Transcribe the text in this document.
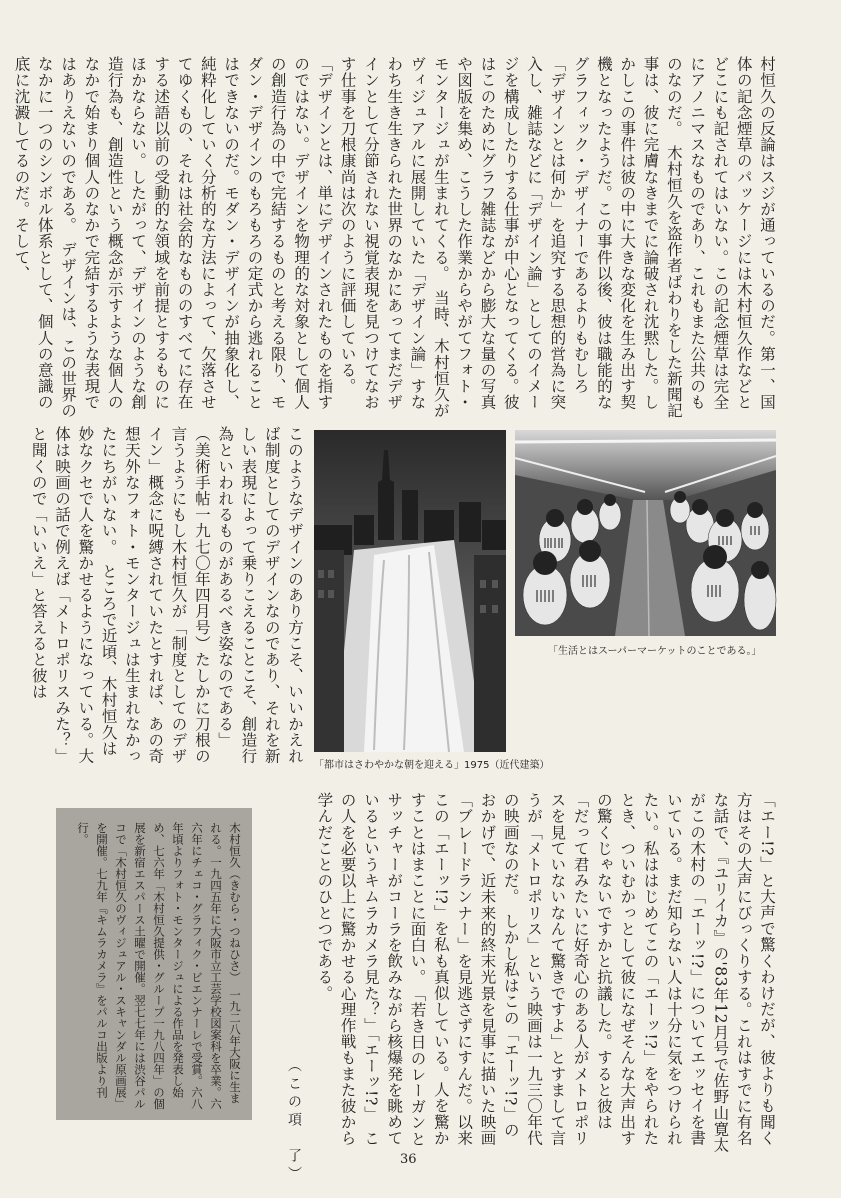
村恒久の反論はスジが通っているのだ。第一、国体の記念煙草のパッケージには木村恒久作などとどこにも記されてはいない。この記念煙草は完全にアノニマスなものであり、これもまた公共のものなのだ。　木村恒久を盗作者ばわりをした新聞記事は、彼に完膚なきまでに論破され沈黙した。しかしこの事件は彼の中に大きな変化を生み出す契機となったようだ。この事件以後、彼は職能的なグラフィック・デザイナーであるよりもむしろ「デザインとは何か」を追究する思想的営為に突入し、雑誌などに「デザイン論」としてのイメージを構成したりする仕事が中心となってくる。彼はこのためにグラフ雑誌などから膨大な量の写真や図版を集め、こうした作業からやがてフォト・モンタージュが生まれてくる。　当時、木村恒久がヴィジュアルに展開していた「デザイン論」すなわち生き生きられた世界のなかにあってまだデザインとして分節されない視覚表現を見つけてなおす仕事を刀根康尚は次のように評価している。　「デザインとは、単にデザインされたものを指すのではない。デザインを物理的な対象として個人の創造行為の中で完結するものと考える限り、モダン・デザインのもろもろの定式から逃れることはできないのだ。モダン・デザインが抽象化し、純粋化していく分析的な方法によって、欠落させてゆくもの、それは社会的なもののすべてに存在する述語以前の受動的な領域を前提とするものにほかならない。したがって、デザインのような創造行為も、創造性という概念が示すような個人のなかで始まり個人のなかで完結するような表現ではありえないのである。　デザインは、この世界のなかに一つのシンボル体系として、個人の意識の底に沈澱してるのだ。そして、
このようなデザインのあり方こそ、いいかえれば制度としてのデザインなのであり、それを新しい表現によって乗りこえることこそ、創造行為といわれるものがあるべき姿なのである」（美術手帖一九七〇年四月号）たしかに刀根の言うようにもし木村恒久が「制度としてのデザイン」概念に呪縛されていたとすれば、あの奇想天外なフォト・モンタージュは生まれなかったにちがいない。　ところで近頃、木村恒久は妙なクセで人を驚かせるようになっている。大体は映画の話で例えば「メトロポリスみた？」と聞くので「いいえ」と答えると彼は	「生活とはスーパーマーケットのことである。」
「都市はさわやかな朝を迎える」1975（近代建築）
「エー!?」と大声で驚くわけだが、彼よりも聞く方はその大声にびっくりする。これはすでに有名な話で、『ユリイカ』の'83年12月号で佐野山寛太がこの木村の「エーッ!?」についてエッセイを書いている。まだ知らない人は十分に気をつけられたい。私ははじめてこの「エーッ!?」をやられたとき、ついむかっとして彼になぜそんな大声出すの驚くじゃないですかと抗議した。すると彼は「だって君みたいに好奇心のある人がメトロポリスを見ていないなんて驚きですよ」とすまして言うが「メトロポリス」という映画は一九三〇年代の映画なのだ。　しかし私はこの「エーッ!?」のおかげで、近未来的終末光景を見事に描いた映画「ブレードランナー」を見逃さずにすんだ。以来この「エーッ!?」を私も真似している。人を驚かすことはまことに面白い。　「若き日のレーガンとサッチャーがコーラを飲みながら核爆発を眺めているというキムラカメラ見た？」「エーッ!?」　この人を必要以上に驚かせる心理作戦もまた彼から学んだことのひとつである。
（この項　了）
木村恒久（きむら・つねひさ）　一九二八年大阪に生まれる。一九四五年に大阪市立工芸学校図案科を卒業。六六年にチェコ・グラフィク・ビエンナーレで受賞。六八年頃よりフォト・モンタージュによる作品を発表し始め、七六年「木村恒久提供・グループ一九八四年」の個展を新宿エスパース土曜で開催。翌七七年には渋谷パルコで「木村恒久のヴィジュアル・スキャンダル原画展」を開催。七九年『キムラカメラ』をパルコ出版より刊行。
36
